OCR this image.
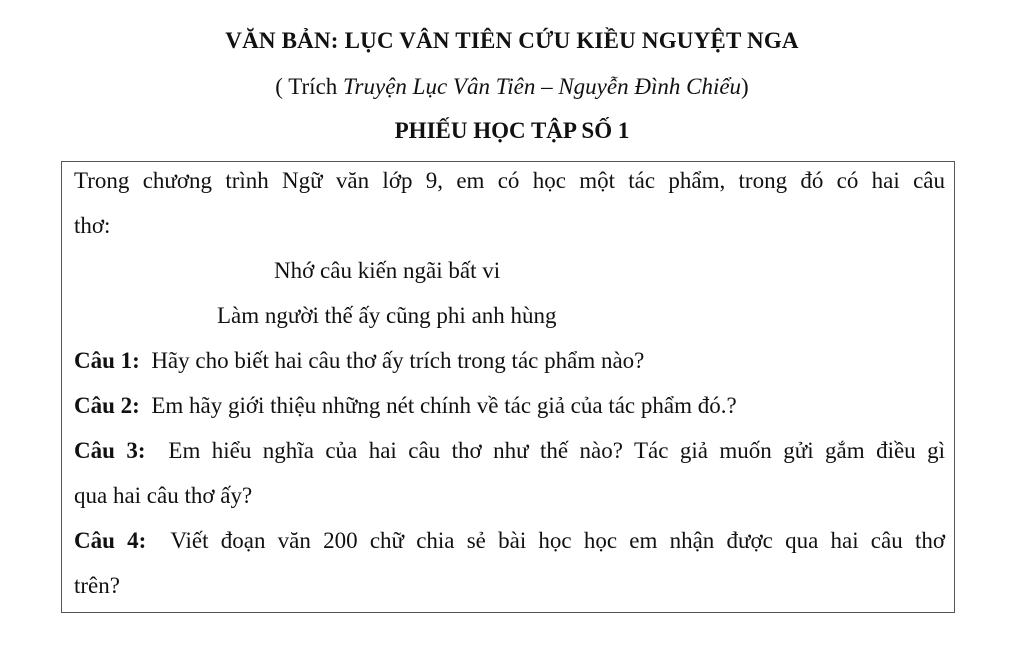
VĂN BẢN: LỤC VÂN TIÊN CỨU KIỀU NGUYỆT NGA
( Trích Truyện Lục Vân Tiên – Nguyễn Đình Chiểu)
PHIẾU HỌC TẬP SỐ 1
Trong chương trình Ngữ văn lớp 9, em có học một tác phẩm, trong đó có hai câu
thơ:
Nhớ câu kiến ngãi bất vi
Làm người thế ấy cũng phi anh hùng
Câu 1: Hãy cho biết hai câu thơ ấy trích trong tác phẩm nào?
Câu 2: Em hãy giới thiệu những nét chính về tác giả của tác phẩm đó.?
Câu 3: Em hiểu nghĩa của hai câu thơ như thế nào? Tác giả muốn gửi gắm điều gì
qua hai câu thơ ấy?
Câu 4: Viết đoạn văn 200 chữ chia sẻ bài học học em nhận được qua hai câu thơ
trên?
